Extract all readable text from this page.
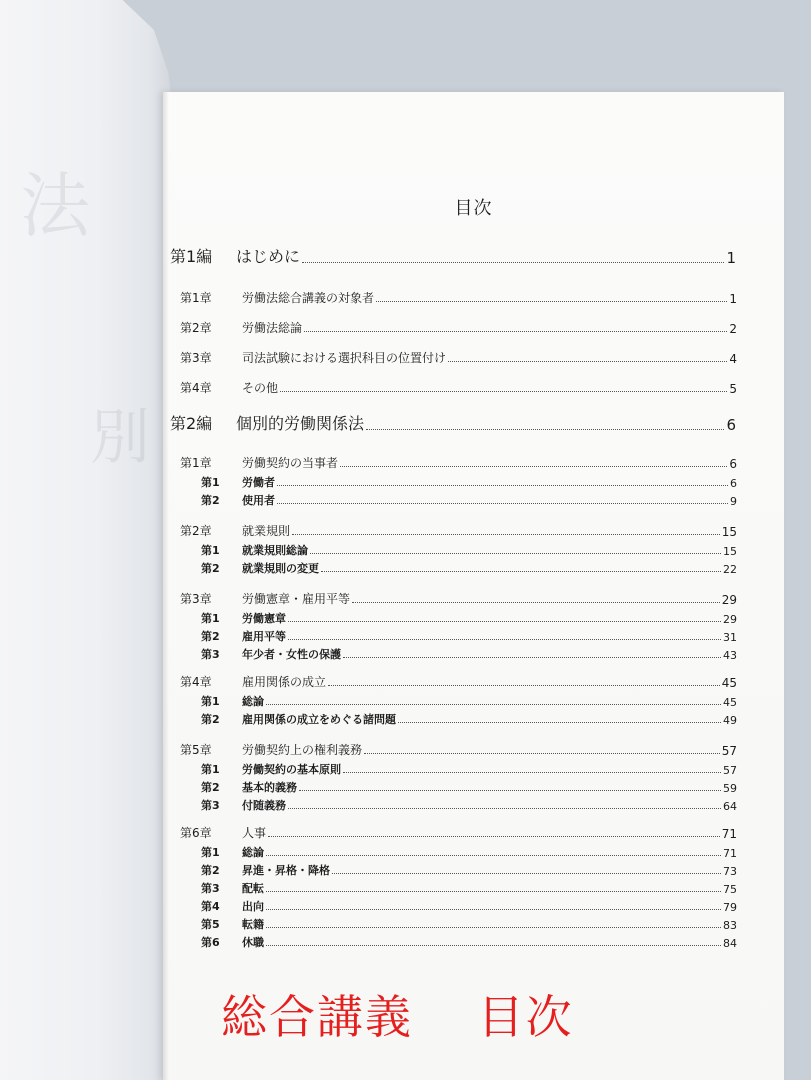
法
別
目次
第1編	はじめに	1
第1章	労働法総合講義の対象者	1
第2章	労働法総論	2
第3章	司法試験における選択科目の位置付け	4
第4章	その他	5
第2編	個別的労働関係法	6
第1章	労働契約の当事者	6
第1	労働者	6
第2	使用者	9
第2章	就業規則	15
第1	就業規則総論	15
第2	就業規則の変更	22
第3章	労働憲章・雇用平等	29
第1	労働憲章	29
第2	雇用平等	31
第3	年少者・女性の保護	43
第4章	雇用関係の成立	45
第1	総論	45
第2	雇用関係の成立をめぐる諸問題	49
第5章	労働契約上の権利義務	57
第1	労働契約の基本原則	57
第2	基本的義務	59
第3	付随義務	64
第6章	人事	71
第1	総論	71
第2	昇進・昇格・降格	73
第3	配転	75
第4	出向	79
第5	転籍	83
第6	休職	84
総合講義　 目次
